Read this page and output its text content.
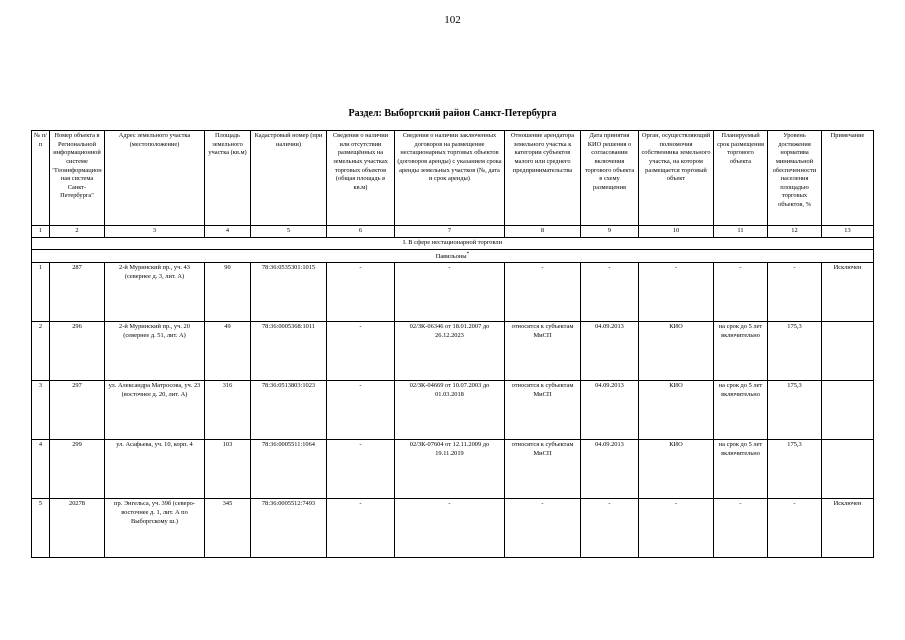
102
Раздел: Выборгский район Санкт-Петербурга
№ п/п	Номер объекта в Региональной информационной системе "Геоинформационная система Санкт-Петербурга"	Адрес земельного участка (местоположение)	Площадь земельного участка (кв.м)	Кадастровый номер (при наличии)	Сведения о наличии или отсутствии размещённых на земельных участках торговых объектов (общая площадь в кв.м)	Сведения о наличии заключенных договоров на размещение нестационарных торговых объектов (договоров аренды) с указанием срока аренды земельных участков (№, дата и срок аренды)	Отношение арендатора земельного участка к категории субъектов малого или среднего предпринимательства	Дата принятия КИО решения о согласовании включения торгового объекта в схему размещения	Орган, осуществляющий полномочия собственника земельного участка, на котором размещается торговый объект	Планируемый срок размещения торгового объекта	Уровень достижения норматива минимальной обеспеченности населения площадью торговых объектов, %	Примечание
1	2	3	4	5	6	7	8	9	10	11	12	13
I. В сфере нестационарной торговли												
Павильоны*
1	287	2-й Муринский пр., уч. 43 (севернее д. 3, лит. А)	90	78:36:0535301:1015	-	-	-	-	-	-	-	Исключен
2	296	2-й Муринский пр., уч. 20 (севернее д. 51, лит. А)	49	78:36:0005368:1011	-	02/ЗК-06346 от 18.01.2007 до 26.12.2023	относится к субъектам МиСП	04.09.2013	КИО	на срок до 5 лет включительно	175,3	
3	297	ул. Александра Матросова, уч. 23 (восточнее д. 20, лит. А)	316	78:36:0513803:1023	-	02/ЗК-04669 от 10.07.2003 до 01.03.2018	относится к субъектам МиСП	04.09.2013	КИО	на срок до 5 лет включительно	175,3	
4	299	ул. Асафьева, уч. 10, корп. 4	103	78:36:0005511:1064	-	02/ЗК-07604 от 12.11.2009 до 19.11.2019	относится к субъектам МиСП	04.09.2013	КИО	на срок до 5 лет включительно	175,3	
5	20278	пр. Энгельса, уч. 39б (северо-восточнее д. 1, лит. А по Выборгскому ш.)	345	78:36:0005512:7493	-	-	-	-	-	-	-	Исключен
